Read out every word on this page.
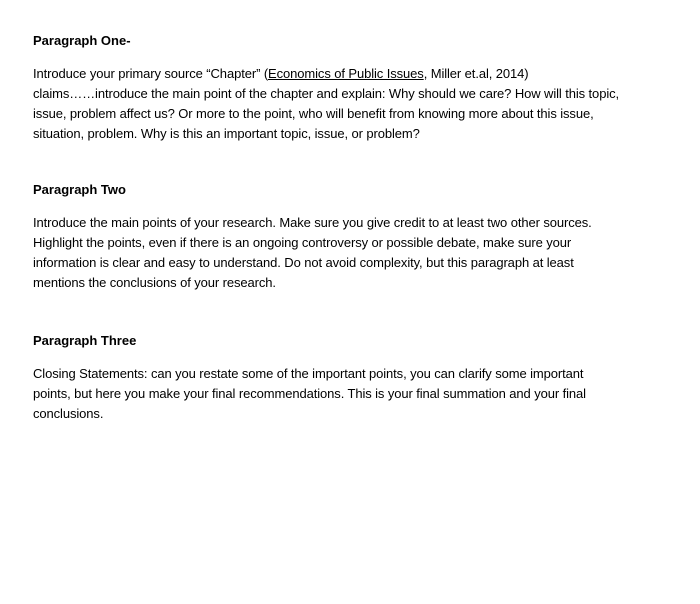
Paragraph One-

Introduce your primary source “Chapter” (Economics of Public Issues, Miller et.al, 2014)
claims……introduce the main point of the chapter and explain: Why should we care? How will this topic,
issue, problem affect us? Or more to the point, who will benefit from knowing more about this issue,
situation, problem. Why is this an important topic, issue, or problem?

Paragraph Two

Introduce the main points of your research. Make sure you give credit to at least two other sources.
Highlight the points, even if there is an ongoing controversy or possible debate, make sure your
information is clear and easy to understand. Do not avoid complexity, but this paragraph at least
mentions the conclusions of your research.

Paragraph Three

Closing Statements: can you restate some of the important points, you can clarify some important
points, but here you make your final recommendations. This is your final summation and your final
conclusions.
